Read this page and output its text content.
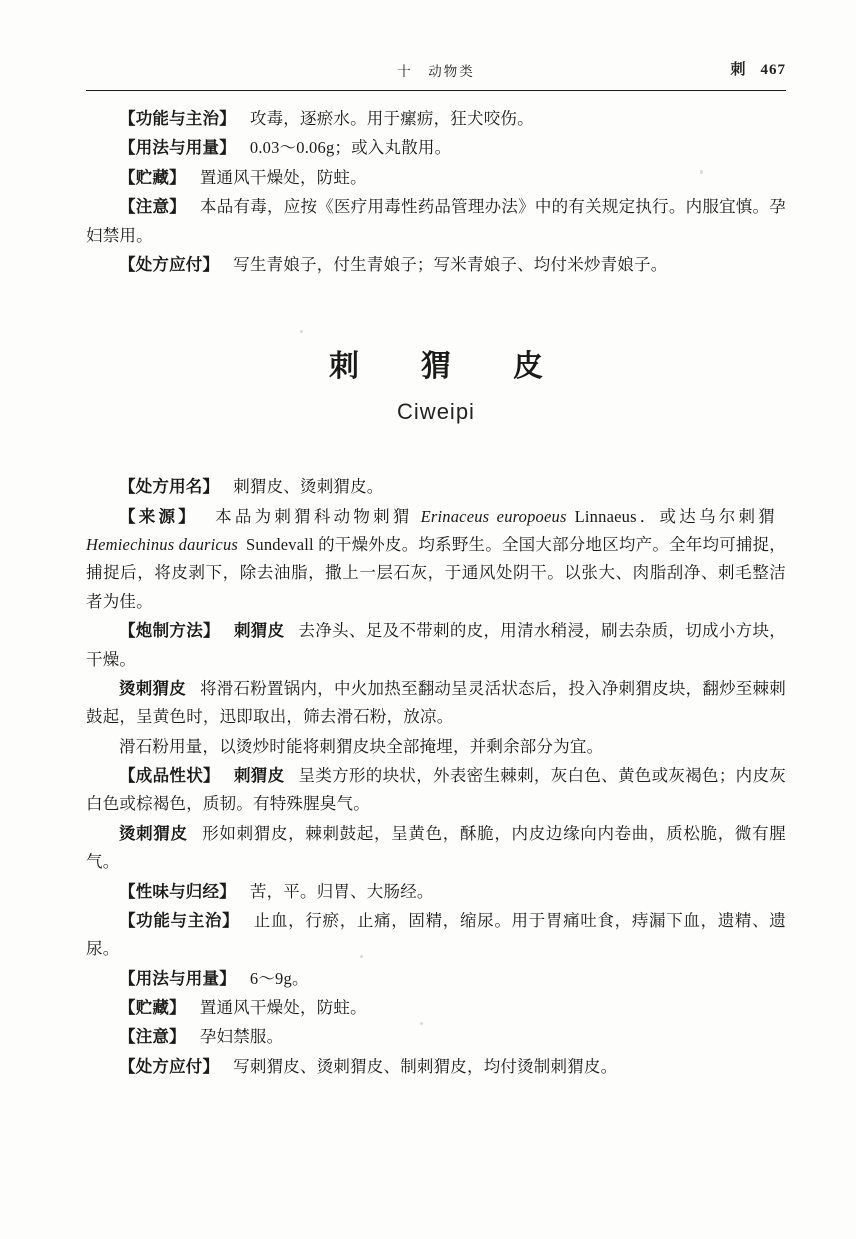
十　动物类	刺 467

【功能与主治】 攻毒，逐瘀水。用于瘰疬，狂犬咬伤。

【用法与用量】 0.03～0.06g；或入丸散用。

【贮藏】 置通风干燥处，防蛀。

【注意】 本品有毒，应按《医疗用毒性药品管理办法》中的有关规定执行。内服宜慎。孕妇禁用。

【处方应付】 写生青娘子，付生青娘子；写米青娘子、均付米炒青娘子。

刺　猬　皮
Ciweipi

【处方用名】 刺猬皮、烫刺猬皮。

【来源】 本品为刺猬科动物刺猬 Erinaceus europoeus Linnaeus．或达乌尔刺猬Hemiechinus dauricus Sundevall 的干燥外皮。均系野生。全国大部分地区均产。全年均可捕捉，捕捉后，将皮剥下，除去油脂，撒上一层石灰，于通风处阴干。以张大、肉脂刮净、刺毛整洁者为佳。

【炮制方法】 刺猬皮 去净头、足及不带刺的皮，用清水稍浸，刷去杂质，切成小方块，干燥。

烫刺猬皮 将滑石粉置锅内，中火加热至翻动呈灵活状态后，投入净刺猬皮块，翻炒至棘刺鼓起，呈黄色时，迅即取出，筛去滑石粉，放凉。

滑石粉用量，以烫炒时能将刺猬皮块全部掩埋，并剩余部分为宜。

【成品性状】 刺猬皮 呈类方形的块状，外表密生棘刺，灰白色、黄色或灰褐色；内皮灰白色或棕褐色，质韧。有特殊腥臭气。

烫刺猬皮 形如刺猬皮，棘刺鼓起，呈黄色，酥脆，内皮边缘向内卷曲，质松脆，微有腥气。

【性味与归经】 苦，平。归胃、大肠经。

【功能与主治】 止血，行瘀，止痛，固精，缩尿。用于胃痛吐食，痔漏下血，遗精、遗尿。

【用法与用量】 6～9g。

【贮藏】 置通风干燥处，防蛀。

【注意】 孕妇禁服。

【处方应付】 写刺猬皮、烫刺猬皮、制刺猬皮，均付烫制刺猬皮。
